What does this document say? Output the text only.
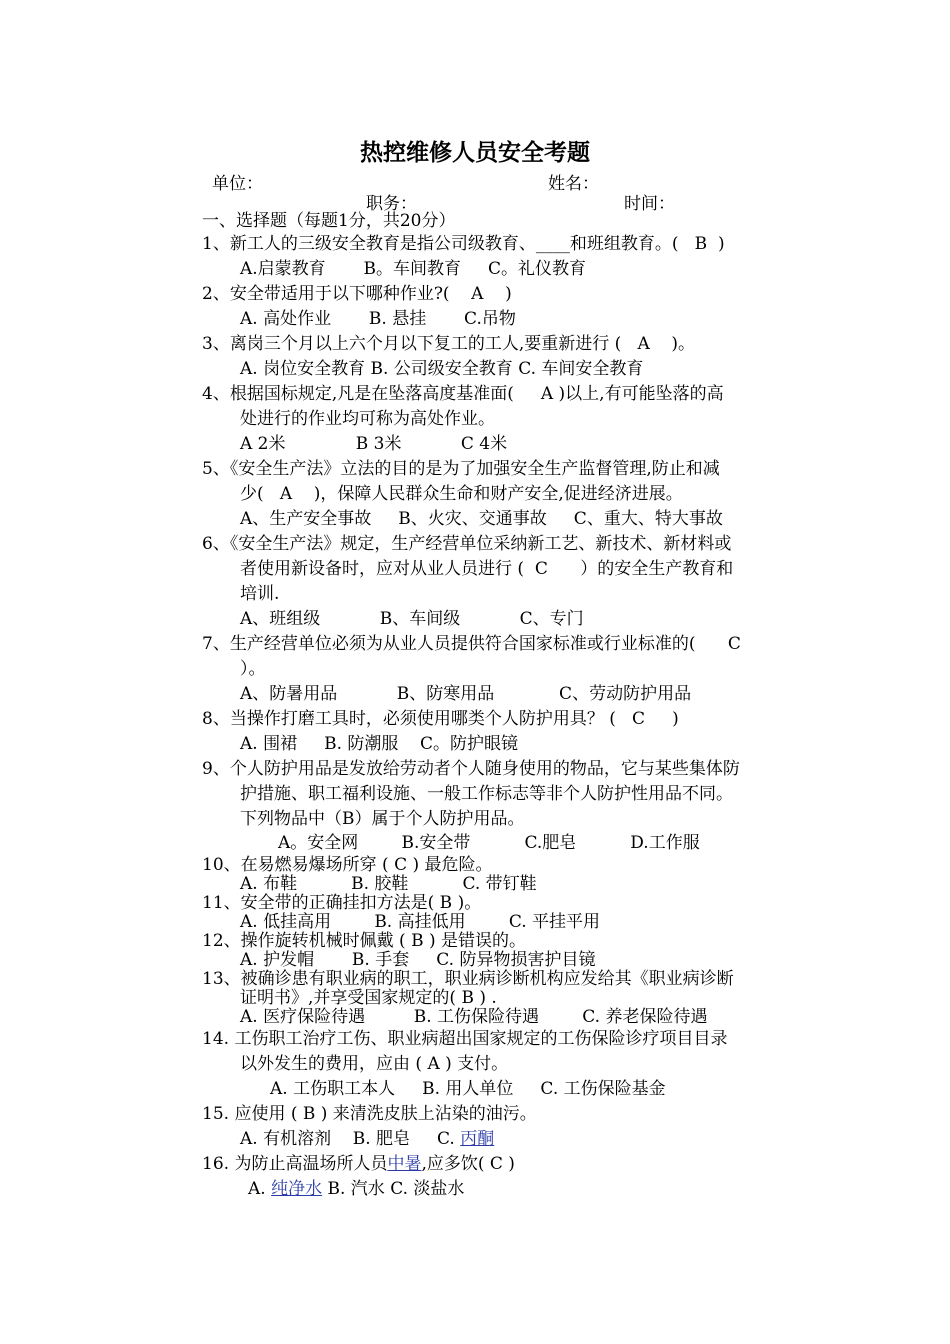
热控维修人员安全考题
单位：	姓名：
职务：	时间：
一、选择题（每题1分，共20分）
1、新工人的三级安全教育是指公司级教育、____和班组教育。(   B  )
A.启蒙教育       B。车间教育     C。礼仪教育
2、安全带适用于以下哪种作业?(    A    )
A. 高处作业       B. 悬挂       C.吊物
3、离岗三个月以上六个月以下复工的工人,要重新进行 (   A    )。
A. 岗位安全教育 B. 公司级安全教育 C. 车间安全教育
4、根据国标规定,凡是在坠落高度基准面(     A )以上,有可能坠落的高
处进行的作业均可称为高处作业。
A 2米             B 3米           C 4米
5、《安全生产法》立法的目的是为了加强安全生产监督管理,防止和减
少(   A    )，保障人民群众生命和财产安全,促进经济进展。
A、生产安全事故     B、火灾、交通事故     C、重大、特大事故
6、《安全生产法》规定，生产经营单位采纳新工艺、新技术、新材料或
者使用新设备时，应对从业人员进行 (  C      ）的安全生产教育和
培训.
A、班组级           B、车间级           C、专门
7、生产经营单位必须为从业人员提供符合国家标准或行业标准的(      C
）。
A、防暑用品           B、防寒用品            C、劳动防护用品
8、当操作打磨工具时，必须使用哪类个人防护用具？ (   C     )
A. 围裙     B. 防潮服    C。防护眼镜
9、个人防护用品是发放给劳动者个人随身使用的物品，它与某些集体防
护措施、职工福利设施、一般工作标志等非个人防护性用品不同。
下列物品中（B）属于个人防护用品。
A。安全网        B.安全带          C.肥皂          D.工作服
10、在易燃易爆场所穿 ( C ) 最危险。
A. 布鞋          B. 胶鞋          C. 带钉鞋
11、安全带的正确挂扣方法是( B )。
A. 低挂高用        B. 高挂低用        C. 平挂平用
12、操作旋转机械时佩戴 ( B ) 是错误的。
A. 护发帽       B. 手套     C. 防异物损害护目镜
13、被确诊患有职业病的职工，职业病诊断机构应发给其《职业病诊断
证明书》,并享受国家规定的( B ) .
A. 医疗保险待遇         B. 工伤保险待遇        C. 养老保险待遇
14. 工伤职工治疗工伤、职业病超出国家规定的工伤保险诊疗项目目录
以外发生的费用，应由 ( A ) 支付。
A. 工伤职工本人     B. 用人单位     C. 工伤保险基金
15. 应使用 ( B ) 来清洗皮肤上沾染的油污。
A. 有机溶剂    B. 肥皂     C. 丙酮
16. 为防止高温场所人员中暑,应多饮( C )
A. 纯净水 B. 汽水 C. 淡盐水
